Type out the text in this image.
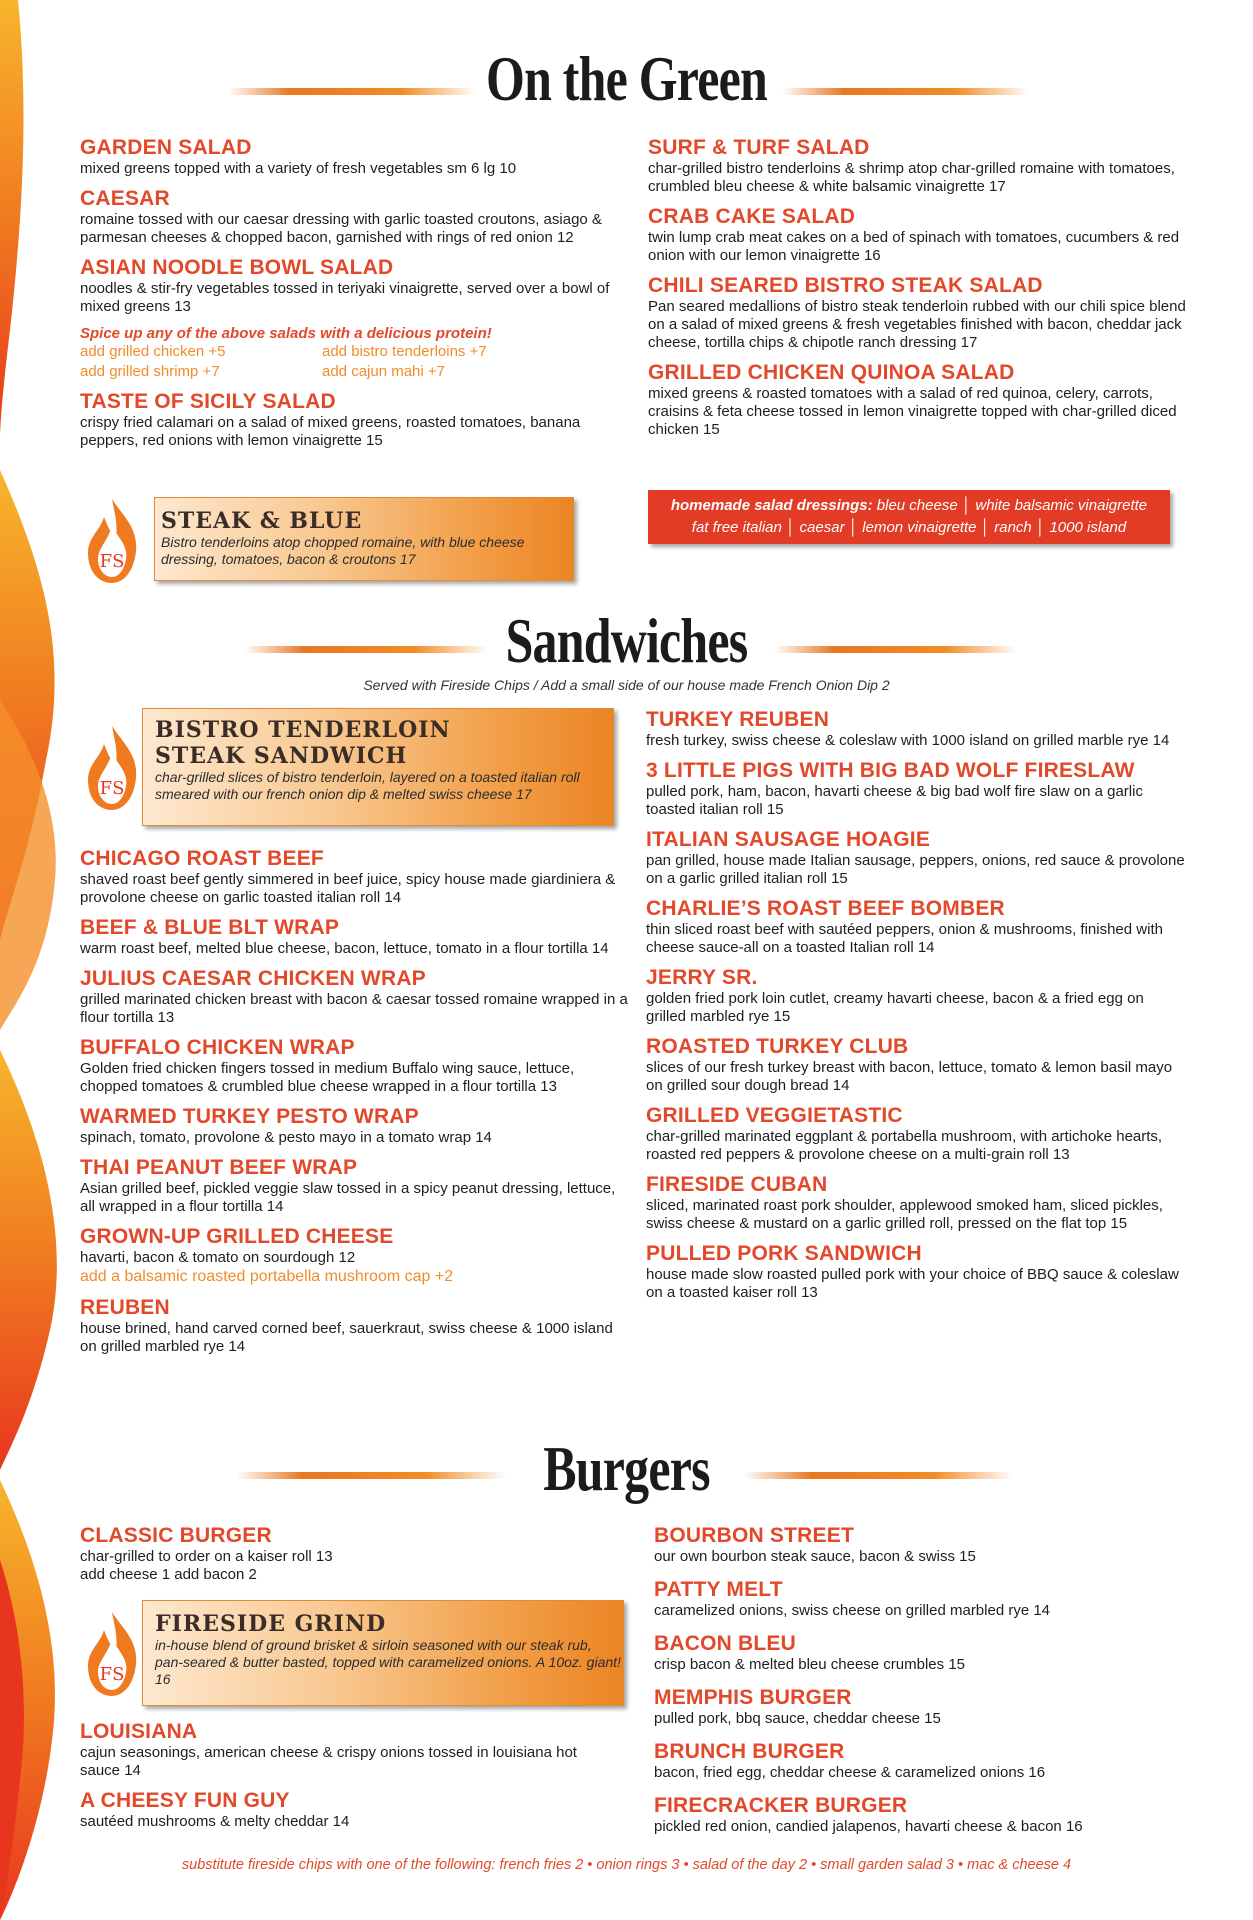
On the Green
GARDEN SALAD
mixed greens topped with a variety of fresh vegetables sm 6 lg 10
CAESAR
romaine tossed with our caesar dressing with garlic toasted croutons, asiago & parmesan cheeses & chopped bacon, garnished with rings of red onion 12
ASIAN NOODLE BOWL SALAD
noodles & stir-fry vegetables tossed in teriyaki vinaigrette, served over a bowl of mixed greens 13
Spice up any of the above salads with a delicious protein!
add grilled chicken +5	add bistro tenderloins +7
add grilled shrimp +7	add cajun mahi +7
TASTE OF SICILY SALAD
crispy fried calamari on a salad of mixed greens, roasted tomatoes, banana peppers, red onions with lemon vinaigrette 15
STEAK & BLUE
Bistro tenderloins atop chopped romaine, with blue cheese dressing, tomatoes, bacon & croutons 17
FS
SURF & TURF SALAD
char-grilled bistro tenderloins & shrimp atop char-grilled romaine with tomatoes, crumbled bleu cheese & white balsamic vinaigrette 17
CRAB CAKE SALAD
twin lump crab meat cakes on a bed of spinach with tomatoes, cucumbers & red onion with our lemon vinaigrette 16
CHILI SEARED BISTRO STEAK SALAD
Pan seared medallions of bistro steak tenderloin rubbed with our chili spice blend on a salad of mixed greens & fresh vegetables finished with bacon, cheddar jack cheese, tortilla chips & chipotle ranch dressing 17
GRILLED CHICKEN QUINOA SALAD
mixed greens & roasted tomatoes with a salad of red quinoa, celery, carrots, craisins & feta cheese tossed in lemon vinaigrette topped with char-grilled diced chicken 15
homemade salad dressings: bleu cheese │ white balsamic vinaigrette
fat free italian │ caesar │ lemon vinaigrette │ ranch │ 1000 island
Sandwiches
Served with Fireside Chips / Add a small side of our house made French Onion Dip 2
BISTRO TENDERLOIN
STEAK SANDWICH
char-grilled slices of bistro tenderloin, layered on a toasted italian roll smeared with our french onion dip & melted swiss cheese 17
FS
CHICAGO ROAST BEEF
shaved roast beef gently simmered in beef juice, spicy house made giardiniera & provolone cheese on garlic toasted italian roll 14
BEEF & BLUE BLT WRAP
warm roast beef, melted blue cheese, bacon, lettuce, tomato in a flour tortilla 14
JULIUS CAESAR CHICKEN WRAP
grilled marinated chicken breast with bacon & caesar tossed romaine wrapped in a flour tortilla 13
BUFFALO CHICKEN WRAP
Golden fried chicken fingers tossed in medium Buffalo wing sauce, lettuce, chopped tomatoes & crumbled blue cheese wrapped in a flour tortilla 13
WARMED TURKEY PESTO WRAP
spinach, tomato, provolone & pesto mayo in a tomato wrap 14
THAI PEANUT BEEF WRAP
Asian grilled beef, pickled veggie slaw tossed in a spicy peanut dressing, lettuce, all wrapped in a flour tortilla 14
GROWN-UP GRILLED CHEESE
havarti, bacon & tomato on sourdough 12
add a balsamic roasted portabella mushroom cap +2
REUBEN
house brined, hand carved corned beef, sauerkraut, swiss cheese & 1000 island on grilled marbled rye 14
TURKEY REUBEN
fresh turkey, swiss cheese & coleslaw with 1000 island on grilled marble rye 14
3 LITTLE PIGS WITH BIG BAD WOLF FIRESLAW
pulled pork, ham, bacon, havarti cheese & big bad wolf fire slaw on a garlic toasted italian roll 15
ITALIAN SAUSAGE HOAGIE
pan grilled, house made Italian sausage, peppers, onions, red sauce & provolone on a garlic grilled italian roll 15
CHARLIE’S ROAST BEEF BOMBER
thin sliced roast beef with sautéed peppers, onion & mushrooms, finished with cheese sauce-all on a toasted Italian roll 14
JERRY SR.
golden fried pork loin cutlet, creamy havarti cheese, bacon & a fried egg on grilled marbled rye 15
ROASTED TURKEY CLUB
slices of our fresh turkey breast with bacon, lettuce, tomato & lemon basil mayo on grilled sour dough bread 14
GRILLED VEGGIETASTIC
char-grilled marinated eggplant & portabella mushroom, with artichoke hearts, roasted red peppers & provolone cheese on a multi-grain roll 13
FIRESIDE CUBAN
sliced, marinated roast pork shoulder, applewood smoked ham, sliced pickles, swiss cheese & mustard on a garlic grilled roll, pressed on the flat top 15
PULLED PORK SANDWICH
house made slow roasted pulled pork with your choice of BBQ sauce & coleslaw on a toasted kaiser roll 13
Burgers
CLASSIC BURGER
char-grilled to order on a kaiser roll 13
add cheese 1 add bacon 2
FIRESIDE GRIND
in-house blend of ground brisket & sirloin seasoned with our steak rub, pan-seared & butter basted, topped with caramelized onions. A 10oz. giant! 16
FS
LOUISIANA
cajun seasonings, american cheese & crispy onions tossed in louisiana hot sauce 14
A CHEESY FUN GUY
sautéed mushrooms & melty cheddar 14
BOURBON STREET
our own bourbon steak sauce, bacon & swiss 15
PATTY MELT
caramelized onions, swiss cheese on grilled marbled rye 14
BACON BLEU
crisp bacon & melted bleu cheese crumbles 15
MEMPHIS BURGER
pulled pork, bbq sauce, cheddar cheese 15
BRUNCH BURGER
bacon, fried egg, cheddar cheese & caramelized onions 16
FIRECRACKER BURGER
pickled red onion, candied jalapenos, havarti cheese & bacon 16
substitute fireside chips with one of the following: french fries 2 • onion rings 3 • salad of the day 2 • small garden salad 3 • mac & cheese 4
